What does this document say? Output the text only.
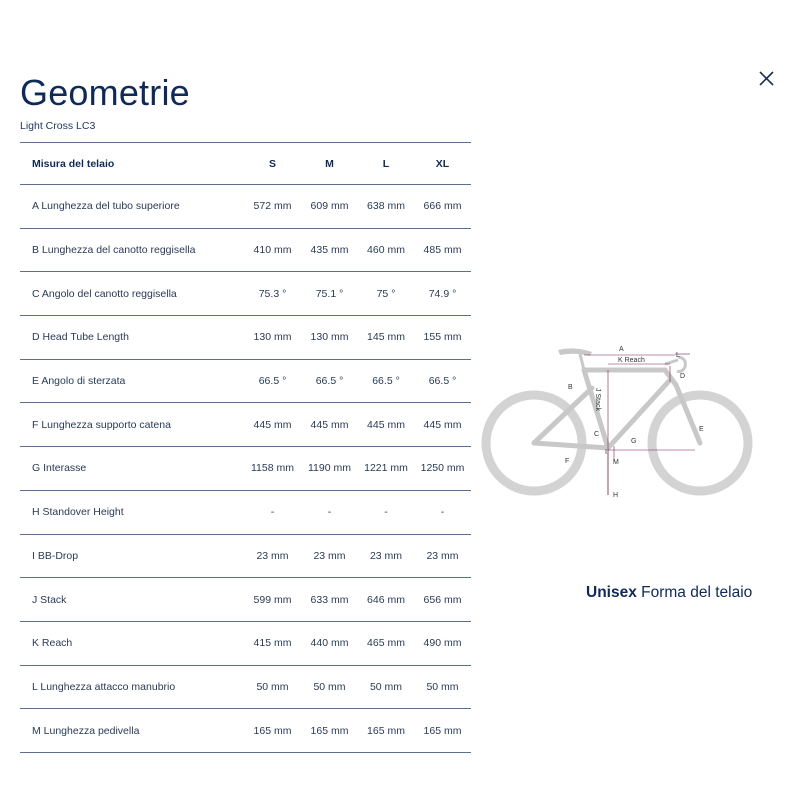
Geometrie
Light Cross LC3
Misura del telaio	S	M	L	XL
A Lunghezza del tubo superiore	572 mm	609 mm	638 mm	666 mm
B Lunghezza del canotto reggisella	410 mm	435 mm	460 mm	485 mm
C Angolo del canotto reggisella	75.3 °	75.1 °	75 °	74.9 °
D Head Tube Length	130 mm	130 mm	145 mm	155 mm
E Angolo di sterzata	66.5 °	66.5 °	66.5 °	66.5 °
F Lunghezza supporto catena	445 mm	445 mm	445 mm	445 mm
G Interasse	1158 mm	1190 mm	1221 mm	1250 mm
H Standover Height	-	-	-	-
I BB-Drop	23 mm	23 mm	23 mm	23 mm
J Stack	599 mm	633 mm	646 mm	656 mm
K Reach	415 mm	440 mm	465 mm	490 mm
L Lunghezza attacco manubrio	50 mm	50 mm	50 mm	50 mm
M Lunghezza pedivella	165 mm	165 mm	165 mm	165 mm
A
K Reach
L
D
B
J Stack
C
G
E
I
F	M
H
Unisex Forma del telaio
